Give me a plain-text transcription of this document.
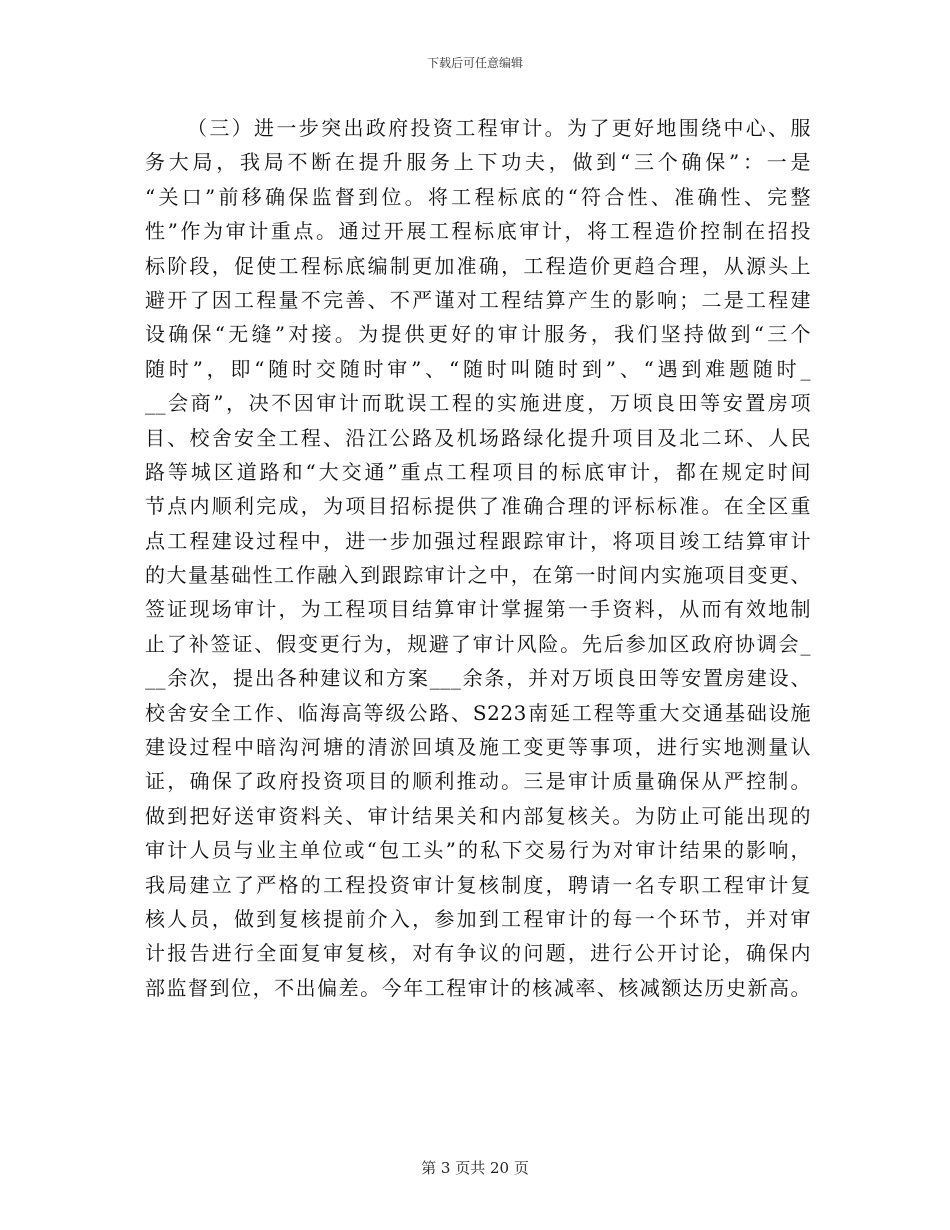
下载后可任意编辑
（三）进一步突出政府投资工程审计。为了更好地围绕中心、服
务大局，我局不断在提升服务上下功夫，做到“三个确保”：一是
“关口”前移确保监督到位。将工程标底的“符合性、准确性、完整
性”作为审计重点。通过开展工程标底审计，将工程造价控制在招投
标阶段，促使工程标底编制更加准确，工程造价更趋合理，从源头上
避开了因工程量不完善、不严谨对工程结算产生的影响；二是工程建
设确保“无缝”对接。为提供更好的审计服务，我们坚持做到“三个
随时”，即“随时交随时审”、“随时叫随时到”、“遇到难题随时_
__会商”，决不因审计而耽误工程的实施进度，万顷良田等安置房项
目、校舍安全工程、沿江公路及机场路绿化提升项目及北二环、人民
路等城区道路和“大交通”重点工程项目的标底审计，都在规定时间
节点内顺利完成，为项目招标提供了准确合理的评标标准。在全区重
点工程建设过程中，进一步加强过程跟踪审计，将项目竣工结算审计
的大量基础性工作融入到跟踪审计之中，在第一时间内实施项目变更、
签证现场审计，为工程项目结算审计掌握第一手资料，从而有效地制
止了补签证、假变更行为，规避了审计风险。先后参加区政府协调会_
__余次，提出各种建议和方案___余条，并对万顷良田等安置房建设、
校舍安全工作、临海高等级公路、S223南延工程等重大交通基础设施
建设过程中暗沟河塘的清淤回填及施工变更等事项，进行实地测量认
证，确保了政府投资项目的顺利推动。三是审计质量确保从严控制。
做到把好送审资料关、审计结果关和内部复核关。为防止可能出现的
审计人员与业主单位或“包工头”的私下交易行为对审计结果的影响，
我局建立了严格的工程投资审计复核制度，聘请一名专职工程审计复
核人员，做到复核提前介入，参加到工程审计的每一个环节，并对审
计报告进行全面复审复核，对有争议的问题，进行公开讨论，确保内
部监督到位，不出偏差。今年工程审计的核减率、核减额达历史新高。
第 3 页共 20 页
